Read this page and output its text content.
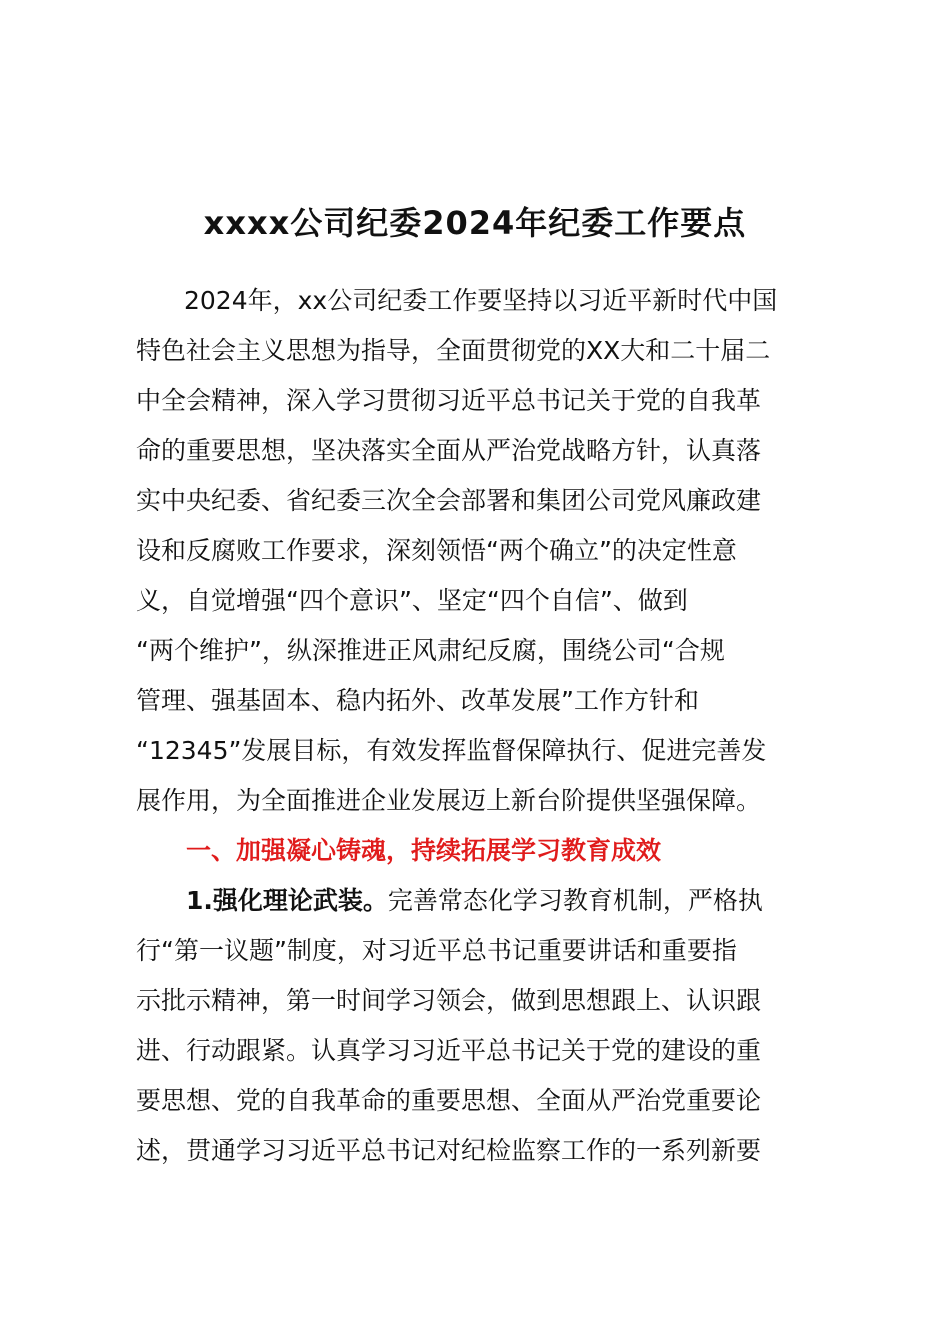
xxxx公司纪委2024年纪委工作要点
2024年，xx公司纪委工作要坚持以习近平新时代中国
特色社会主义思想为指导，全面贯彻党的XX大和二十届二
中全会精神，深入学习贯彻习近平总书记关于党的自我革
命的重要思想，坚决落实全面从严治党战略方针，认真落
实中央纪委、省纪委三次全会部署和集团公司党风廉政建
设和反腐败工作要求，深刻领悟“两个确立”的决定性意
义，自觉增强“四个意识”、坚定“四个自信”、做到
“两个维护”，纵深推进正风肃纪反腐，围绕公司“合规
管理、强基固本、稳内拓外、改革发展”工作方针和
“12345”发展目标，有效发挥监督保障执行、促进完善发
展作用，为全面推进企业发展迈上新台阶提供坚强保障。
一、加强凝心铸魂，持续拓展学习教育成效
1.强化理论武装。完善常态化学习教育机制，严格执
行“第一议题”制度，对习近平总书记重要讲话和重要指
示批示精神，第一时间学习领会，做到思想跟上、认识跟
进、行动跟紧。认真学习习近平总书记关于党的建设的重
要思想、党的自我革命的重要思想、全面从严治党重要论
述，贯通学习习近平总书记对纪检监察工作的一系列新要
